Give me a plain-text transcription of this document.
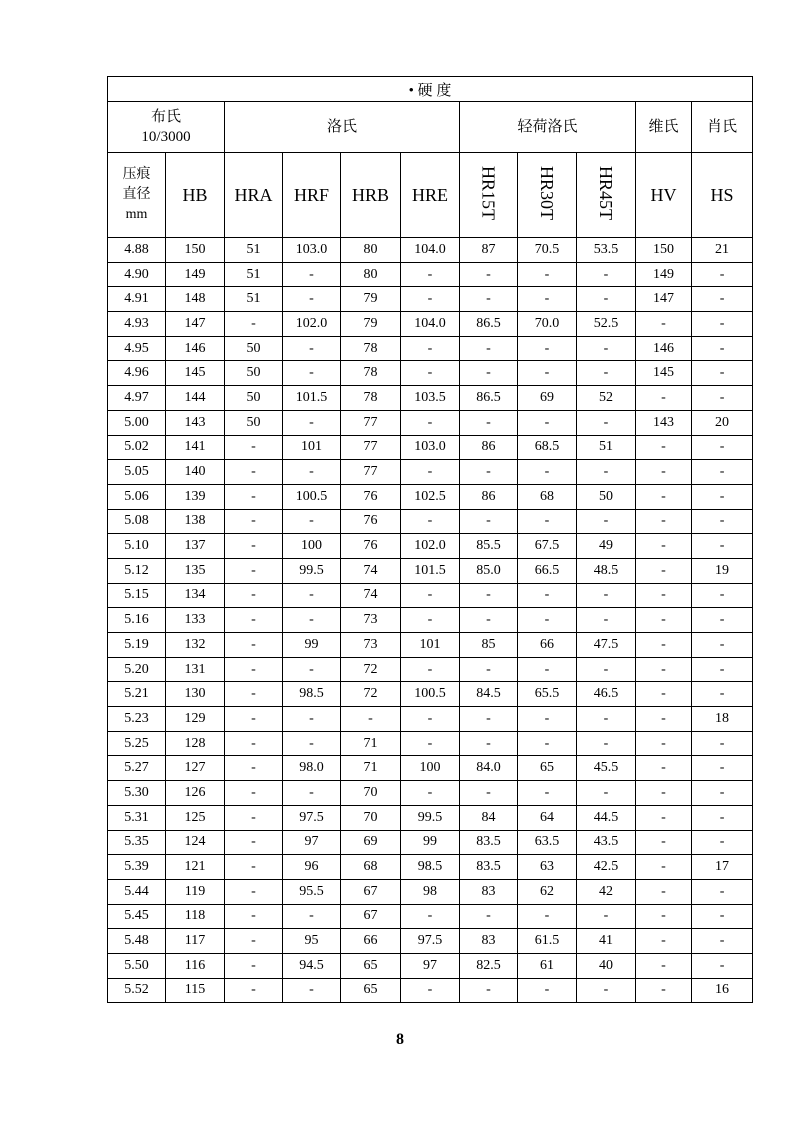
• 硬 度										
布氏
10/3000		洛氏				轻荷洛氏			维氏	肖氏
压痕
直径
mm	HB	HRA	HRF	HRB	HRE	HR15T	HR30T	HR45T	HV	HS
4.88	150	51	103.0	80	104.0	87	70.5	53.5	150	21
4.90	149	51	-	80	-	-	-	-	149	-
4.91	148	51	-	79	-	-	-	-	147	-
4.93	147	-	102.0	79	104.0	86.5	70.0	52.5	-	-
4.95	146	50	-	78	-	-	-	-	146	-
4.96	145	50	-	78	-	-	-	-	145	-
4.97	144	50	101.5	78	103.5	86.5	69	52	-	-
5.00	143	50	-	77	-	-	-	-	143	20
5.02	141	-	101	77	103.0	86	68.5	51	-	-
5.05	140	-	-	77	-	-	-	-	-	-
5.06	139	-	100.5	76	102.5	86	68	50	-	-
5.08	138	-	-	76	-	-	-	-	-	-
5.10	137	-	100	76	102.0	85.5	67.5	49	-	-
5.12	135	-	99.5	74	101.5	85.0	66.5	48.5	-	19
5.15	134	-	-	74	-	-	-	-	-	-
5.16	133	-	-	73	-	-	-	-	-	-
5.19	132	-	99	73	101	85	66	47.5	-	-
5.20	131	-	-	72	-	-	-	-	-	-
5.21	130	-	98.5	72	100.5	84.5	65.5	46.5	-	-
5.23	129	-	-	-	-	-	-	-	-	18
5.25	128	-	-	71	-	-	-	-	-	-
5.27	127	-	98.0	71	100	84.0	65	45.5	-	-
5.30	126	-	-	70	-	-	-	-	-	-
5.31	125	-	97.5	70	99.5	84	64	44.5	-	-
5.35	124	-	97	69	99	83.5	63.5	43.5	-	-
5.39	121	-	96	68	98.5	83.5	63	42.5	-	17
5.44	119	-	95.5	67	98	83	62	42	-	-
5.45	118	-	-	67	-	-	-	-	-	-
5.48	117	-	95	66	97.5	83	61.5	41	-	-
5.50	116	-	94.5	65	97	82.5	61	40	-	-
5.52	115	-	-	65	-	-	-	-	-	16
8
